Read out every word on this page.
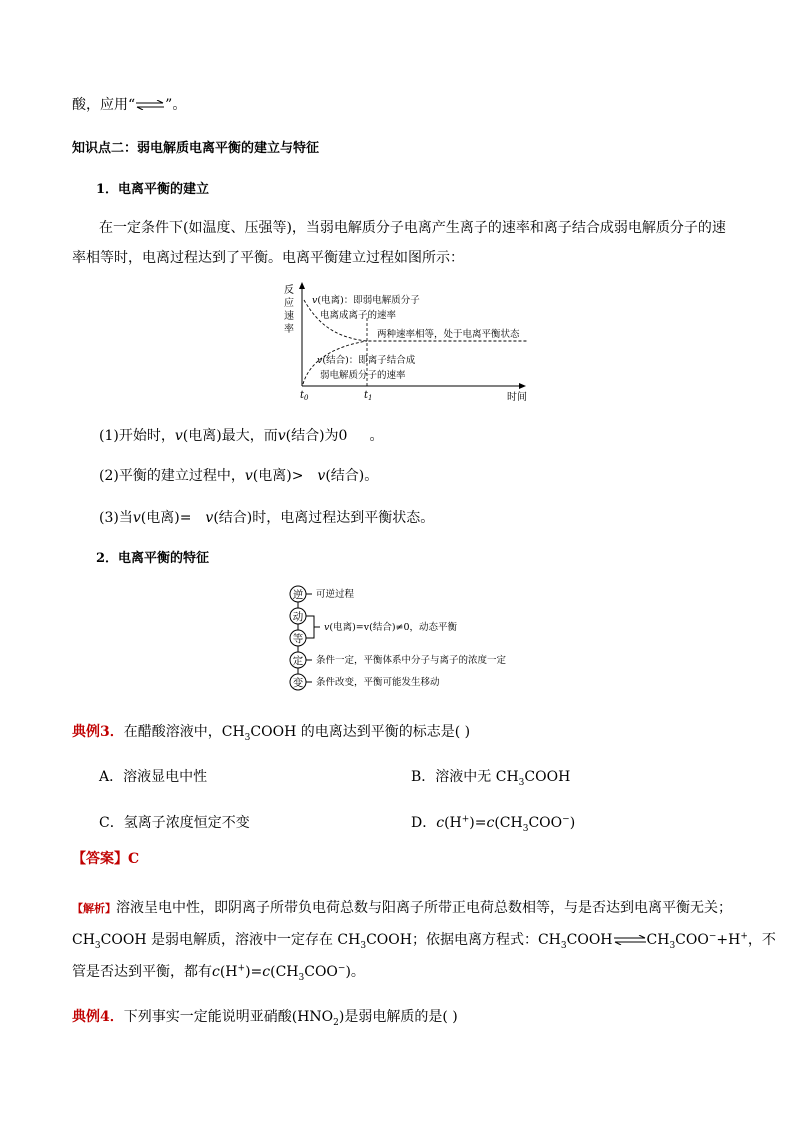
酸，应用“⇌”。
知识点二：弱电解质电离平衡的建立与特征
1．电离平衡的建立
在一定条件下(如温度、压强等)，当弱电解质分子电离产生离子的速率和离子结合成弱电解质分子的速
率相等时，电离过程达到了平衡。电离平衡建立过程如图所示：
反
应
速
率
v(电离)：即弱电解质分子
电离成离子的速率
两种速率相等，处于电离平衡状态
v(结合)：即离子结合成
弱电解质分子的速率
$t_0$	$t_1$	时间
(1)开始时，v(电离)最大，而v(结合)为0 。
(2)平衡的建立过程中，v(电离)> v(结合)。
(3)当v(电离)= v(结合)时，电离过程达到平衡状态。
2．电离平衡的特征
逆
动
等
定
变
可逆过程
v(电离)=v(结合)≠0，动态平衡
条件一定，平衡体系中分子与离子的浓度一定
条件改变，平衡可能发生移动
典例3．在醋酸溶液中，$CH_3COOH$ 的电离达到平衡的标志是( )
A．溶液显电中性	B．溶液中无 $CH_3COOH$
C．氢离子浓度恒定不变	D．$c(H^+)=c(CH_3COO^-)$
【答案】C
【解析】溶液呈电中性，即阴离子所带负电荷总数与阳离子所带正电荷总数相等，与是否达到电离平衡无关；
$CH_3COOH$ 是弱电解质，溶液中一定存在 $CH_3COOH$；依据电离方程式：$CH_3COOH\rightleftharpoons CH_3COO^-+H^+$，不
管是否达到平衡，都有$c(H^+)=c(CH_3COO^-)$。
典例4．下列事实一定能说明亚硝酸$(HNO_2)$是弱电解质的是( )
